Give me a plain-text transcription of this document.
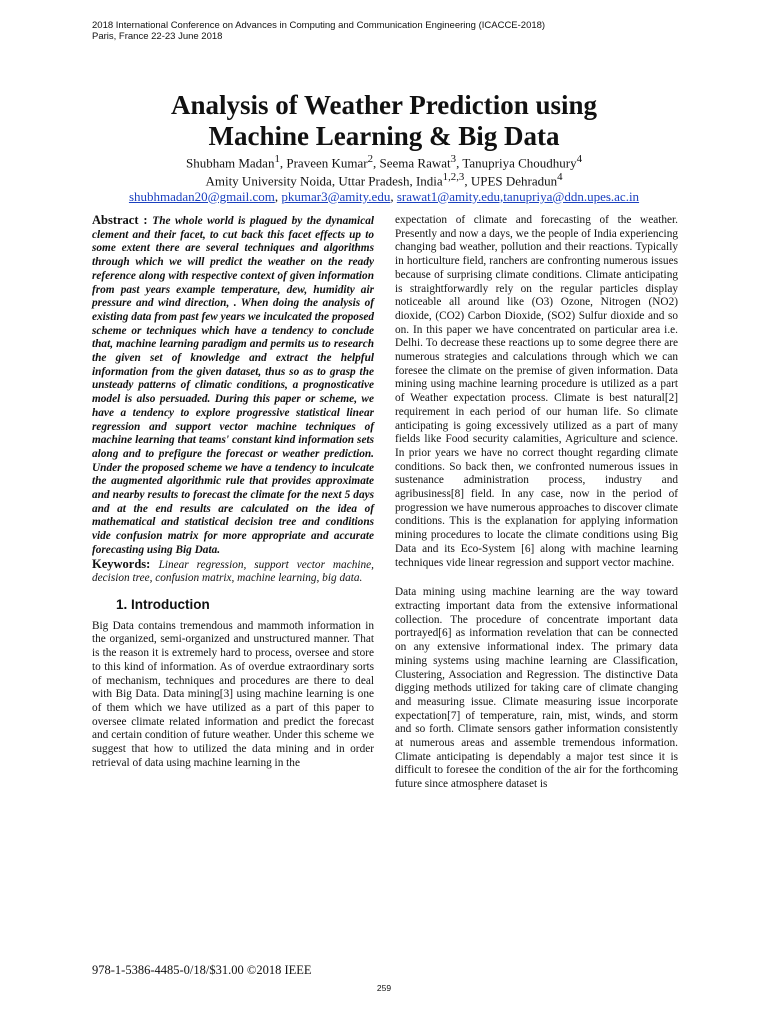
2018 International Conference on Advances in Computing and Communication Engineering (ICACCE-2018)
Paris, France 22-23 June 2018
Analysis of Weather Prediction using
Machine Learning & Big Data
Shubham Madan$^1$, Praveen Kumar$^2$, Seema Rawat$^3$, Tanupriya Choudhury$^4$
Amity University Noida, Uttar Pradesh, India$^{1,2,3}$, UPES Dehradun$^4$
shubhmadan20@gmail.com, pkumar3@amity.edu, srawat1@amity.edu,tanupriya@ddn.upes.ac.in

Abstract : The whole world is plagued by the dynamical clement and their facet, to cut back this facet effects up to some extent there are several techniques and algorithms through which we will predict the weather on the ready reference along with respective context of given information from past years example temperature, dew, humidity air pressure and wind direction, . When doing the analysis of existing data from past few years we inculcated the proposed scheme or techniques which have a tendency to conclude that, machine learning paradigm and permits us to research the given set of knowledge and extract the helpful information from the given dataset, thus so as to grasp the unsteady patterns of climatic conditions, a prognosticative model is also persuaded. During this paper or scheme, we have a tendency to explore progressive statistical linear regression and support vector machine techniques of machine learning that teams' constant kind information sets along and to prefigure the forecast or weather prediction. Under the proposed scheme we have a tendency to inculcate the augmented algorithmic rule that provides approximate and nearby results to forecast the climate for the next 5 days and at the end results are calculated on the idea of mathematical and statistical decision tree and conditions vide confusion matrix for more appropriate and accurate forecasting using Big Data.

Keywords: Linear regression, support vector machine, decision tree, confusion matrix, machine learning, big data.

1. Introduction

Big Data contains tremendous and mammoth information in the organized, semi-organized and unstructured manner. That is the reason it is extremely hard to process, oversee and store to this kind of information. As of overdue extraordinary sorts of mechanism, techniques and procedures are there to deal with Big Data. Data mining[3] using machine learning is one of them which we have utilized as a part of this paper to oversee climate related information and predict the forecast and certain condition of future weather. Under this scheme we suggest that how to utilized the data mining and in order retrieval of data using machine learning in the

expectation of climate and forecasting of the weather. Presently and now a days, we the people of India experiencing changing bad weather, pollution and their reactions. Typically in horticulture field, ranchers are confronting numerous issues because of surprising climate conditions. Climate anticipating is straightforwardly rely on the regular particles display noticeable all around like (O3) Ozone, Nitrogen (NO2) dioxide, (CO2) Carbon Dioxide, (SO2) Sulfur dioxide and so on. In this paper we have concentrated on particular area i.e. Delhi. To decrease these reactions up to some degree there are numerous strategies and calculations through which we can foresee the climate on the premise of given information. Data mining using machine learning procedure is utilized as a part of Weather expectation process. Climate is best natural[2] requirement in each period of our human life. So climate anticipating is going excessively utilized as a part of many fields like Food security calamities, Agriculture and science. In prior years we have no correct thought regarding climate conditions. So back then, we confronted numerous issues in sustenance administration process, industry and agribusiness[8] field. In any case, now in the period of progression we have numerous approaches to discover climate conditions. This is the explanation for applying information mining procedures to locate the climate conditions using Big Data and its Eco-System [6] along with machine learning techniques vide linear regression and support vector machine.

Data mining using machine learning are the way toward extracting important data from the extensive informational collection. The procedure of concentrate important data portrayed[6] as information revelation that can be connected on any extensive informational index. The primary data mining systems using machine learning are Classification, Clustering, Association and Regression. The distinctive Data digging methods utilized for taking care of climate changing and measuring issue. Climate measuring issue incorporate expectation[7] of temperature, rain, mist, winds, and storm and so forth. Climate sensors gather information consistently at numerous areas and assemble tremendous information. Climate anticipating is dependably a major test since it is difficult to foresee the condition of the air for the forthcoming future since atmosphere dataset is

978-1-5386-4485-0/18/$31.00 ©2018 IEEE
259
